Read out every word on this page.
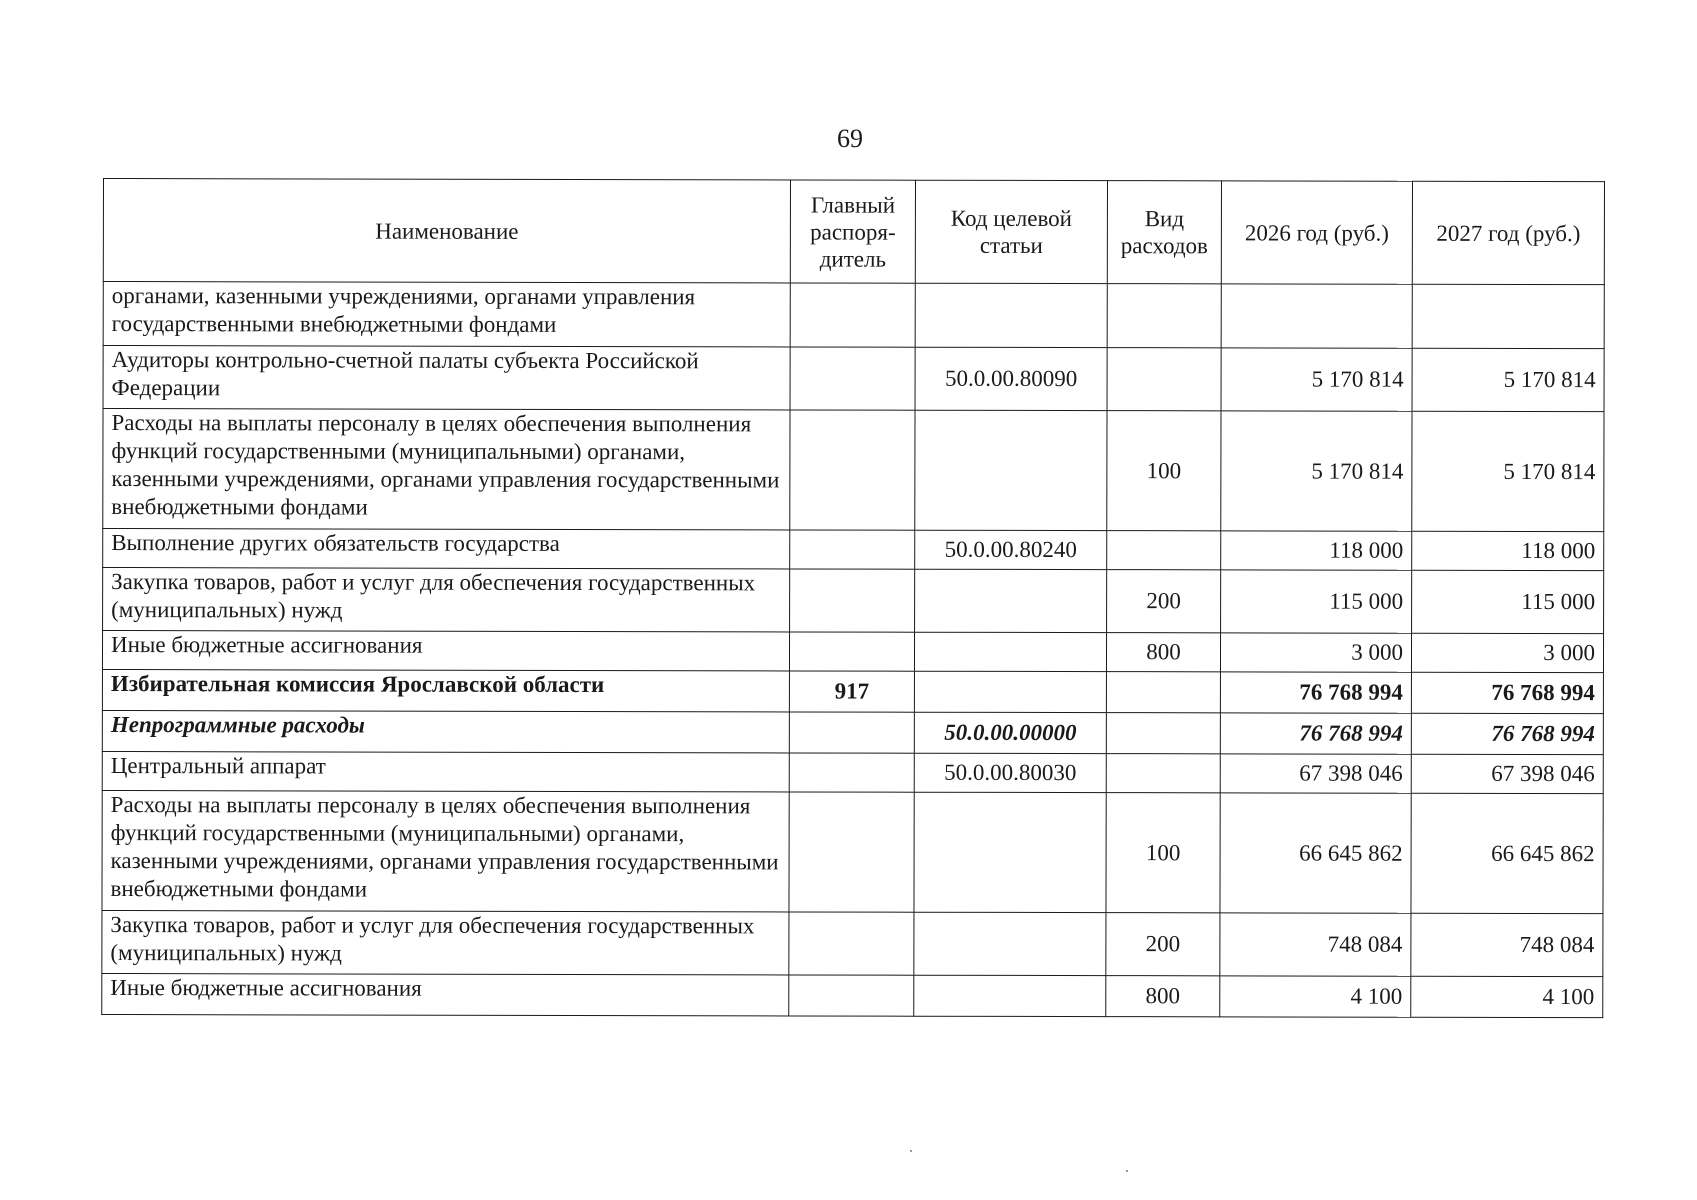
69
Наименование	Главный распоря-дитель	Код целевой статьи	Вид расходов	2026 год (руб.)	2027 год (руб.)
органами, казенными учреждениями, органами управления государственными внебюджетными фондами					
Аудиторы контрольно-счетной палаты субъекта Российской Федерации		50.0.00.80090		5 170 814	5 170 814
Расходы на выплаты персоналу в целях обеспечения выполнения функций государственными (муниципальными) органами, казенными учреждениями, органами управления государственными внебюджетными фондами			100	5 170 814	5 170 814
Выполнение других обязательств государства		50.0.00.80240		118 000	118 000
Закупка товаров, работ и услуг для обеспечения государственных (муниципальных) нужд			200	115 000	115 000
Иные бюджетные ассигнования			800	3 000	3 000
Избирательная комиссия Ярославской области	917			76 768 994	76 768 994
Непрограммные расходы		50.0.00.00000		76 768 994	76 768 994
Центральный аппарат		50.0.00.80030		67 398 046	67 398 046
Расходы на выплаты персоналу в целях обеспечения выполнения функций государственными (муниципальными) органами, казенными учреждениями, органами управления государственными внебюджетными фондами			100	66 645 862	66 645 862
Закупка товаров, работ и услуг для обеспечения государственных (муниципальных) нужд			200	748 084	748 084
Иные бюджетные ассигнования			800	4 100	4 100
